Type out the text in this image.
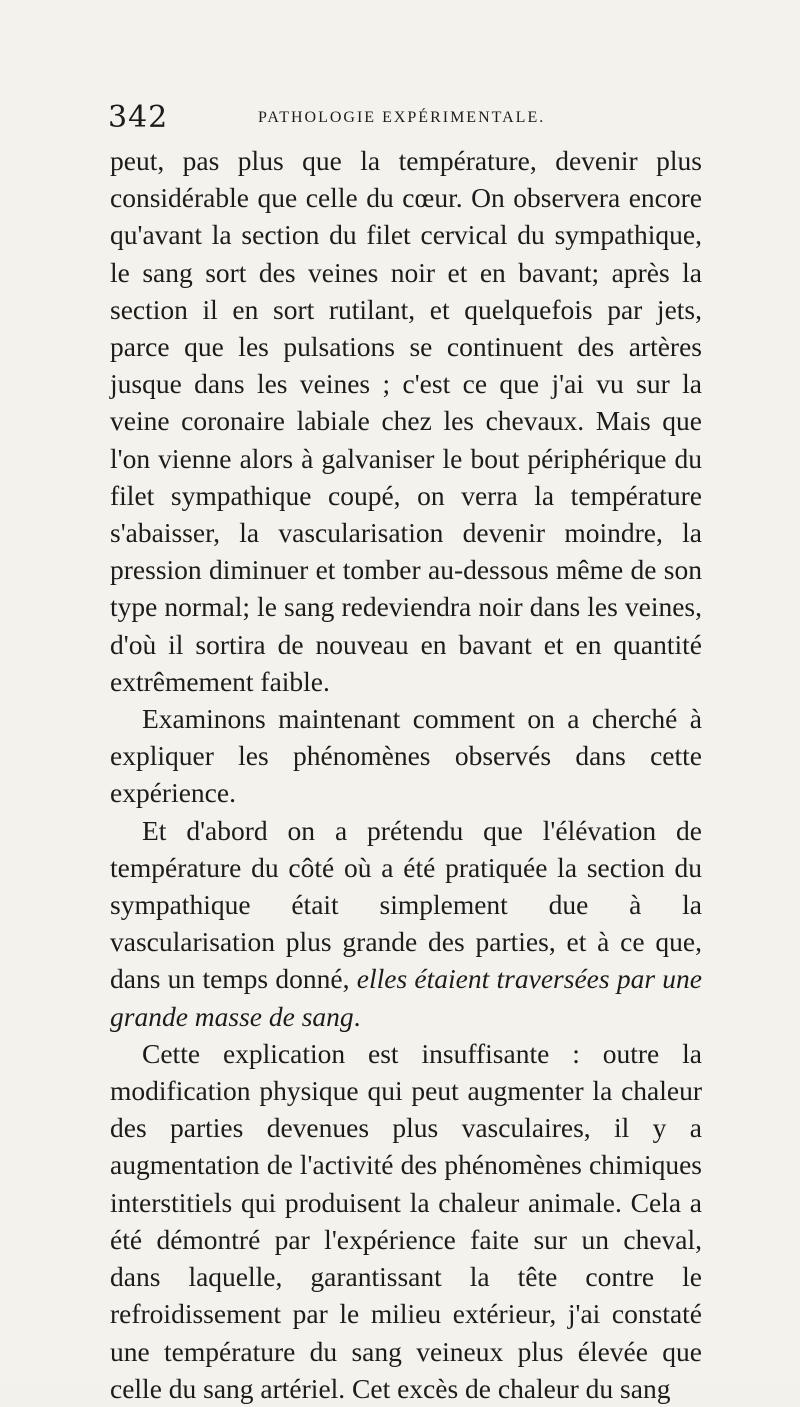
342	PATHOLOGIE EXPÉRIMENTALE.

peut, pas plus que la température, devenir plus considérable que celle du cœur. On observera encore qu'avant la section du filet cervical du sympathique, le sang sort des veines noir et en bavant; après la section il en sort rutilant, et quelquefois par jets, parce que les pulsations se continuent des artères jusque dans les veines ; c'est ce que j'ai vu sur la veine coronaire labiale chez les chevaux. Mais que l'on vienne alors à galvaniser le bout périphérique du filet sympathique coupé, on verra la température s'abaisser, la vascularisation devenir moindre, la pression diminuer et tomber au-dessous même de son type normal; le sang redeviendra noir dans les veines, d'où il sortira de nouveau en bavant et en quantité extrêmement faible.

Examinons maintenant comment on a cherché à expliquer les phénomènes observés dans cette expérience.

Et d'abord on a prétendu que l'élévation de température du côté où a été pratiquée la section du sympathique était simplement due à la vascularisation plus grande des parties, et à ce que, dans un temps donné, elles étaient traversées par une grande masse de sang.

Cette explication est insuffisante : outre la modification physique qui peut augmenter la chaleur des parties devenues plus vasculaires, il y a augmentation de l'activité des phénomènes chimiques interstitiels qui produisent la chaleur animale. Cela a été démontré par l'expérience faite sur un cheval, dans laquelle, garantissant la tête contre le refroidissement par le milieu extérieur, j'ai constaté une température du sang veineux plus élevée que celle du sang artériel. Cet excès de chaleur du sang
